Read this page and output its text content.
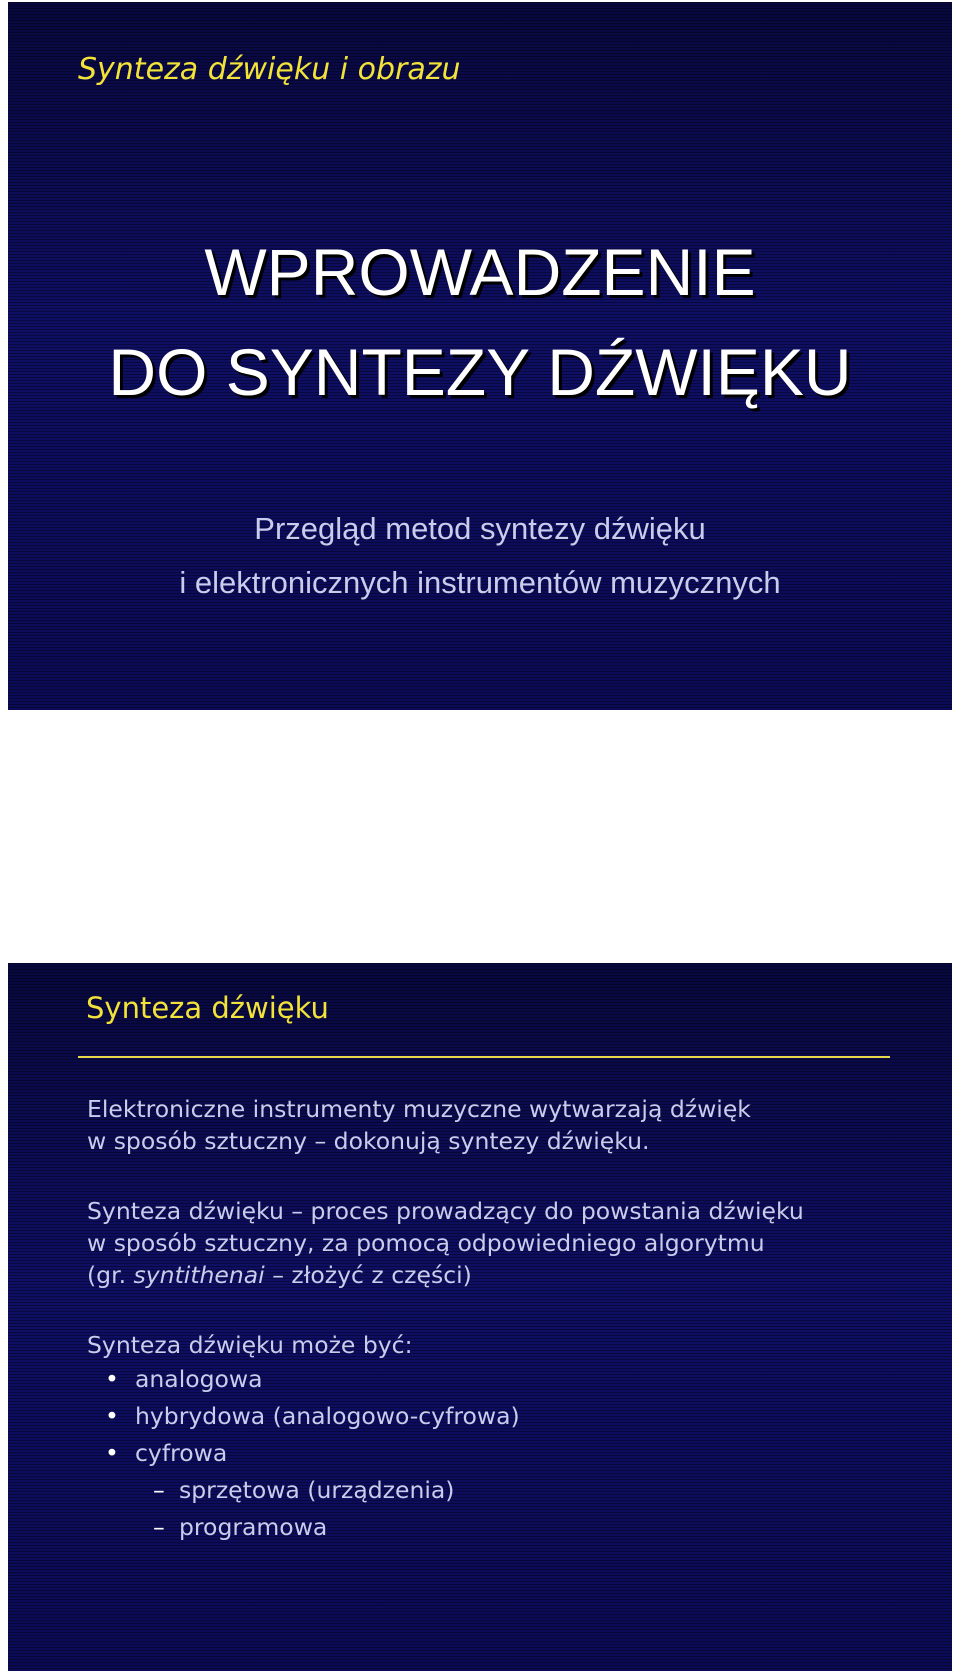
Synteza dźwięku i obrazu
WPROWADZENIE
DO SYNTEZY DŹWIĘKU

Przegląd metod syntezy dźwięku
i elektronicznych instrumentów muzycznych

Synteza dźwięku

Elektroniczne instrumenty muzyczne wytwarzają dźwięk
w sposób sztuczny – dokonują syntezy dźwięku.

Synteza dźwięku – proces prowadzący do powstania dźwięku
w sposób sztuczny, za pomocą odpowiedniego algorytmu
(gr. syntithenai – złożyć z części)

Synteza dźwięku może być:

• analogowa
• hybrydowa (analogowo-cyfrowa)
• cyfrowa
– sprzętowa (urządzenia)
– programowa
